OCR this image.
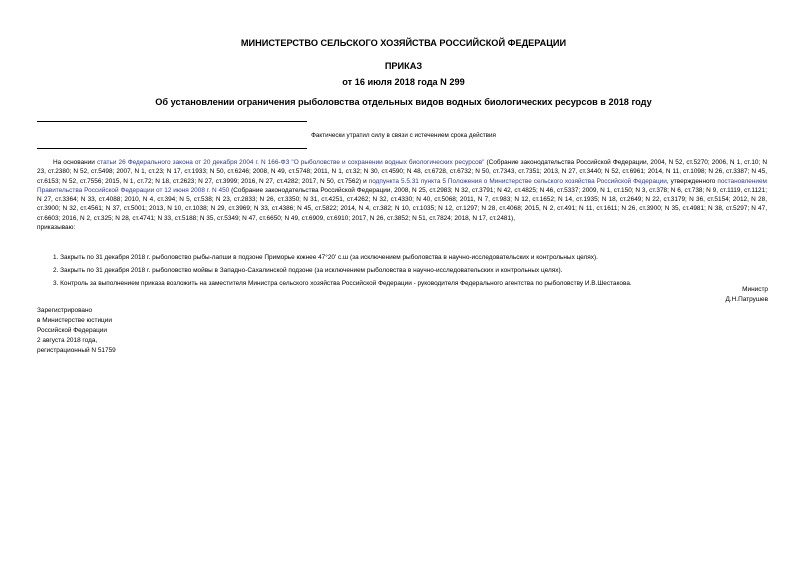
МИНИСТЕРСТВО СЕЛЬСКОГО ХОЗЯЙСТВА РОССИЙСКОЙ ФЕДЕРАЦИИ
ПРИКАЗ
от 16 июля 2018 года N 299
Об установлении ограничения рыболовства отдельных видов водных биологических ресурсов в 2018 году
Фактически утратил силу в связи с истечением срока действия

На основании статьи 26 Федерального закона от 20 декабря 2004 г. N 166-ФЗ "О рыболовстве и сохранении водных биологических ресурсов" (Собрание законодательства Российской Федерации, 2004, N 52, ст.5270; 2006, N 1, ст.10; N 23, ст.2380; N 52, ст.5498; 2007, N 1, ст.23; N 17, ст.1933; N 50, ст.6246; 2008, N 49, ст.5748; 2011, N 1, ст.32; N 30, ст.4590; N 48, ст.6728, ст.6732; N 50, ст.7343, ст.7351; 2013, N 27, ст.3440; N 52, ст.6961; 2014, N 11, ст.1098; N 26, ст.3387; N 45, ст.6153; N 52, ст.7556; 2015, N 1, ст.72; N 18, ст.2623; N 27, ст.3999; 2016, N 27, ст.4282; 2017, N 50, ст.7562) и подпункта 5.5.31 пункта 5 Положения о Министерстве сельского хозяйства Российской Федерации, утвержденного постановлением Правительства Российской Федерации от 12 июня 2008 г. N 450 (Собрание законодательства Российской Федерации, 2008, N 25, ст.2983; N 32, ст.3791; N 42, ст.4825; N 46, ст.5337; 2009, N 1, ст.150; N 3, ст.378; N 6, ст.738; N 9, ст.1119, ст.1121; N 27, ст.3364; N 33, ст.4088; 2010, N 4, ст.394; N 5, ст.538; N 23, ст.2833; N 26, ст.3350; N 31, ст.4251, ст.4262; N 32, ст.4330; N 40, ст.5068; 2011, N 7, ст.983; N 12, ст.1652; N 14, ст.1935; N 18, ст.2649; N 22, ст.3179; N 36, ст.5154; 2012, N 28, ст.3900; N 32, ст.4561; N 37, ст.5001; 2013, N 10, ст.1038; N 29, ст.3969; N 33, ст.4386; N 45, ст.5822; 2014, N 4, ст.382; N 10, ст.1035; N 12, ст.1297; N 28, ст.4068; 2015, N 2, ст.491; N 11, ст.1611; N 26, ст.3900; N 35, ст.4981; N 38, ст.5297; N 47, ст.6603; 2016, N 2, ст.325; N 28, ст.4741; N 33, ст.5188; N 35, ст.5349; N 47, ст.6650; N 49, ст.6909, ст.6910; 2017, N 26, ст.3852; N 51, ст.7824; 2018, N 17, ст.2481),

приказываю:

1. Закрыть по 31 декабря 2018 г. рыболовство рыбы-лапши в подзоне Приморье южнее 47°20' с.ш (за исключением рыболовства в научно-исследовательских и контрольных целях).

2. Закрыть по 31 декабря 2018 г. рыболовство мойвы в Западно-Сахалинской подзоне (за исключением рыболовства в научно-исследовательских и контрольных целях).

3. Контроль за выполнением приказа возложить на заместителя Министра сельского хозяйства Российской Федерации - руководителя Федерального агентства по рыболовству И.В.Шестакова.

Министр
Д.Н.Патрушев
Зарегистрировано
в Министерстве юстиции
Российской Федерации
2 августа 2018 года,
регистрационный N 51759
